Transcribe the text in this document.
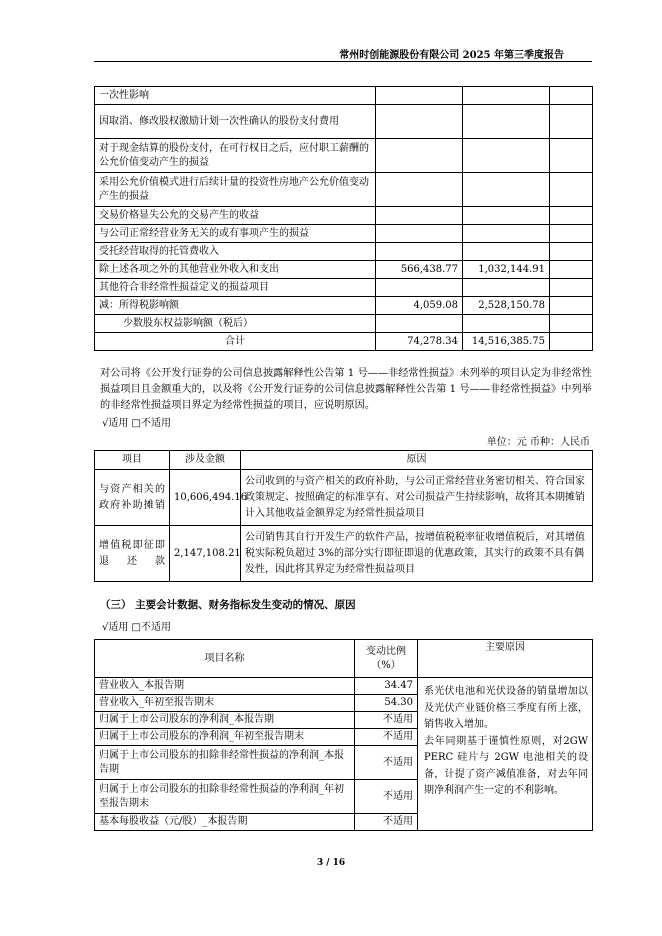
常州时创能源股份有限公司 2025 年第三季度报告
一次性影响			
因取消、修改股权激励计划一次性确认的股份支付费用			
对于现金结算的股份支付，在可行权日之后，应付职工薪酬的公允价值变动产生的损益			
采用公允价值模式进行后续计量的投资性房地产公允价值变动产生的损益			
交易价格显失公允的交易产生的收益			
与公司正常经营业务无关的或有事项产生的损益			
受托经营取得的托管费收入			
除上述各项之外的其他营业外收入和支出	566,438.77	1,032,144.91	
其他符合非经常性损益定义的损益项目			
减：所得税影响额	4,059.08	2,528,150.78	
少数股东权益影响额（税后）			
合计	74,278.34	14,516,385.75	

对公司将《公开发行证券的公司信息披露解释性公告第 1 号——非经常性损益》未列举的项目认定为非经常性损益项目且金额重大的，以及将《公开发行证券的公司信息披露解释性公告第 1 号——非经常性损益》中列举的非经常性损益项目界定为经常性损益的项目，应说明原因。

√适用 □不适用
单位：元 币种：人民币
项目	涉及金额	原因
与资产相关的政府补助摊销	10,606,494.16	公司收到的与资产相关的政府补助，与公司正常经营业务密切相关、符合国家政策规定、按照确定的标准享有、对公司损益产生持续影响，故将其本期摊销计入其他收益金额界定为经常性损益项目
增值税即征即退还款	2,147,108.21	公司销售其自行开发生产的软件产品，按增值税税率征收增值税后，对其增值税实际税负超过 3%的部分实行即征即退的优惠政策，其实行的政策不具有偶发性，因此将其界定为经常性损益项目
（三） 主要会计数据、财务指标发生变动的情况、原因
√适用 □不适用
项目名称	变动比例（%）	主要原因
营业收入_本报告期	34.47	系光伏电池和光伏设备的销量增加以及光伏产业链价格三季度有所上涨，销售收入增加。
去年同期基于谨慎性原则，对2GW PERC 硅片与 2GW 电池相关的设备，计提了资产减值准备，对去年同期净利润产生一定的不利影响。

营业收入_年初至报告期末	54.30	
归属于上市公司股东的净利润_本报告期	不适用	
归属于上市公司股东的净利润_年初至报告期末	不适用	
归属于上市公司股东的扣除非经常性损益的净利润_本报告期	不适用	
归属于上市公司股东的扣除非经常性损益的净利润_年初至报告期末	不适用	
基本每股收益（元/股）_本报告期	不适用	
3 / 16
